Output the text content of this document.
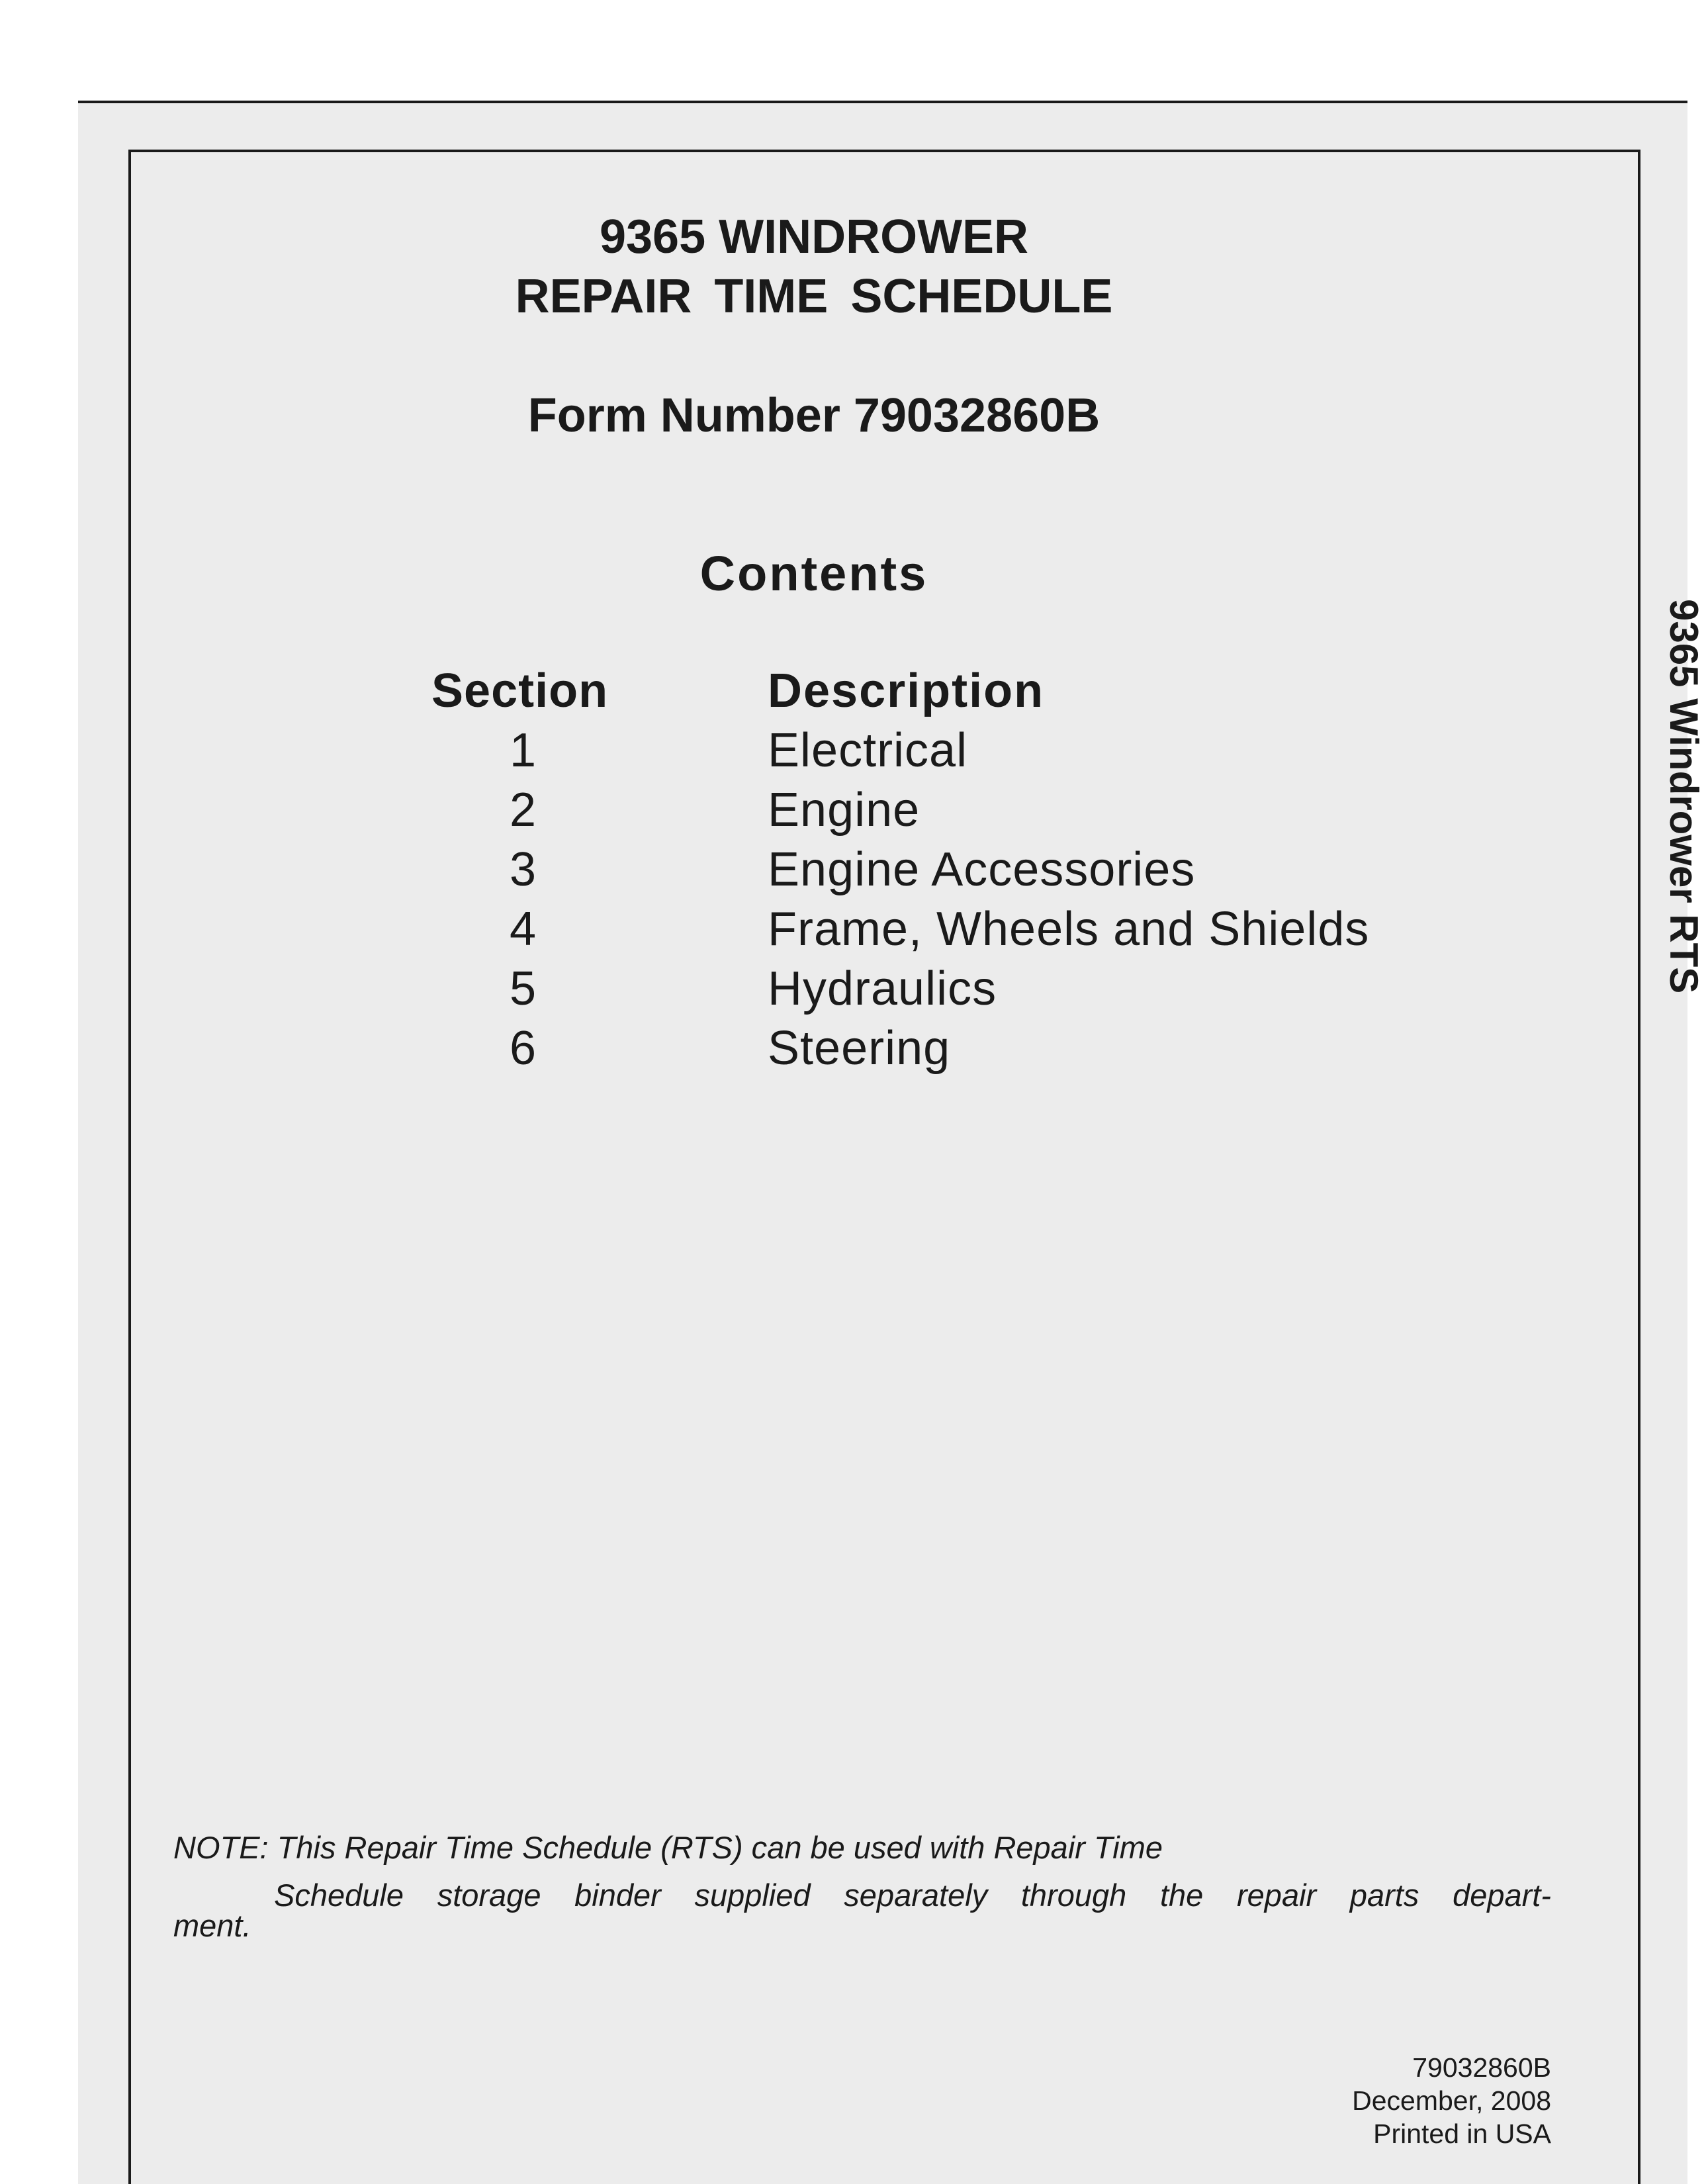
9365 WINDROWER
REPAIR TIME SCHEDULE
Form Number 79032860B
Contents
Section	Description
1	Electrical
2	Engine
3	Engine Accessories
4	Frame, Wheels and Shields
5	Hydraulics
6	Steering
NOTE: This Repair Time Schedule (RTS) can be used with Repair Time
Schedule storage binder supplied separately through the repair parts depart-
ment.
79032860B
December, 2008
Printed in USA
9365 Windrower RTS
